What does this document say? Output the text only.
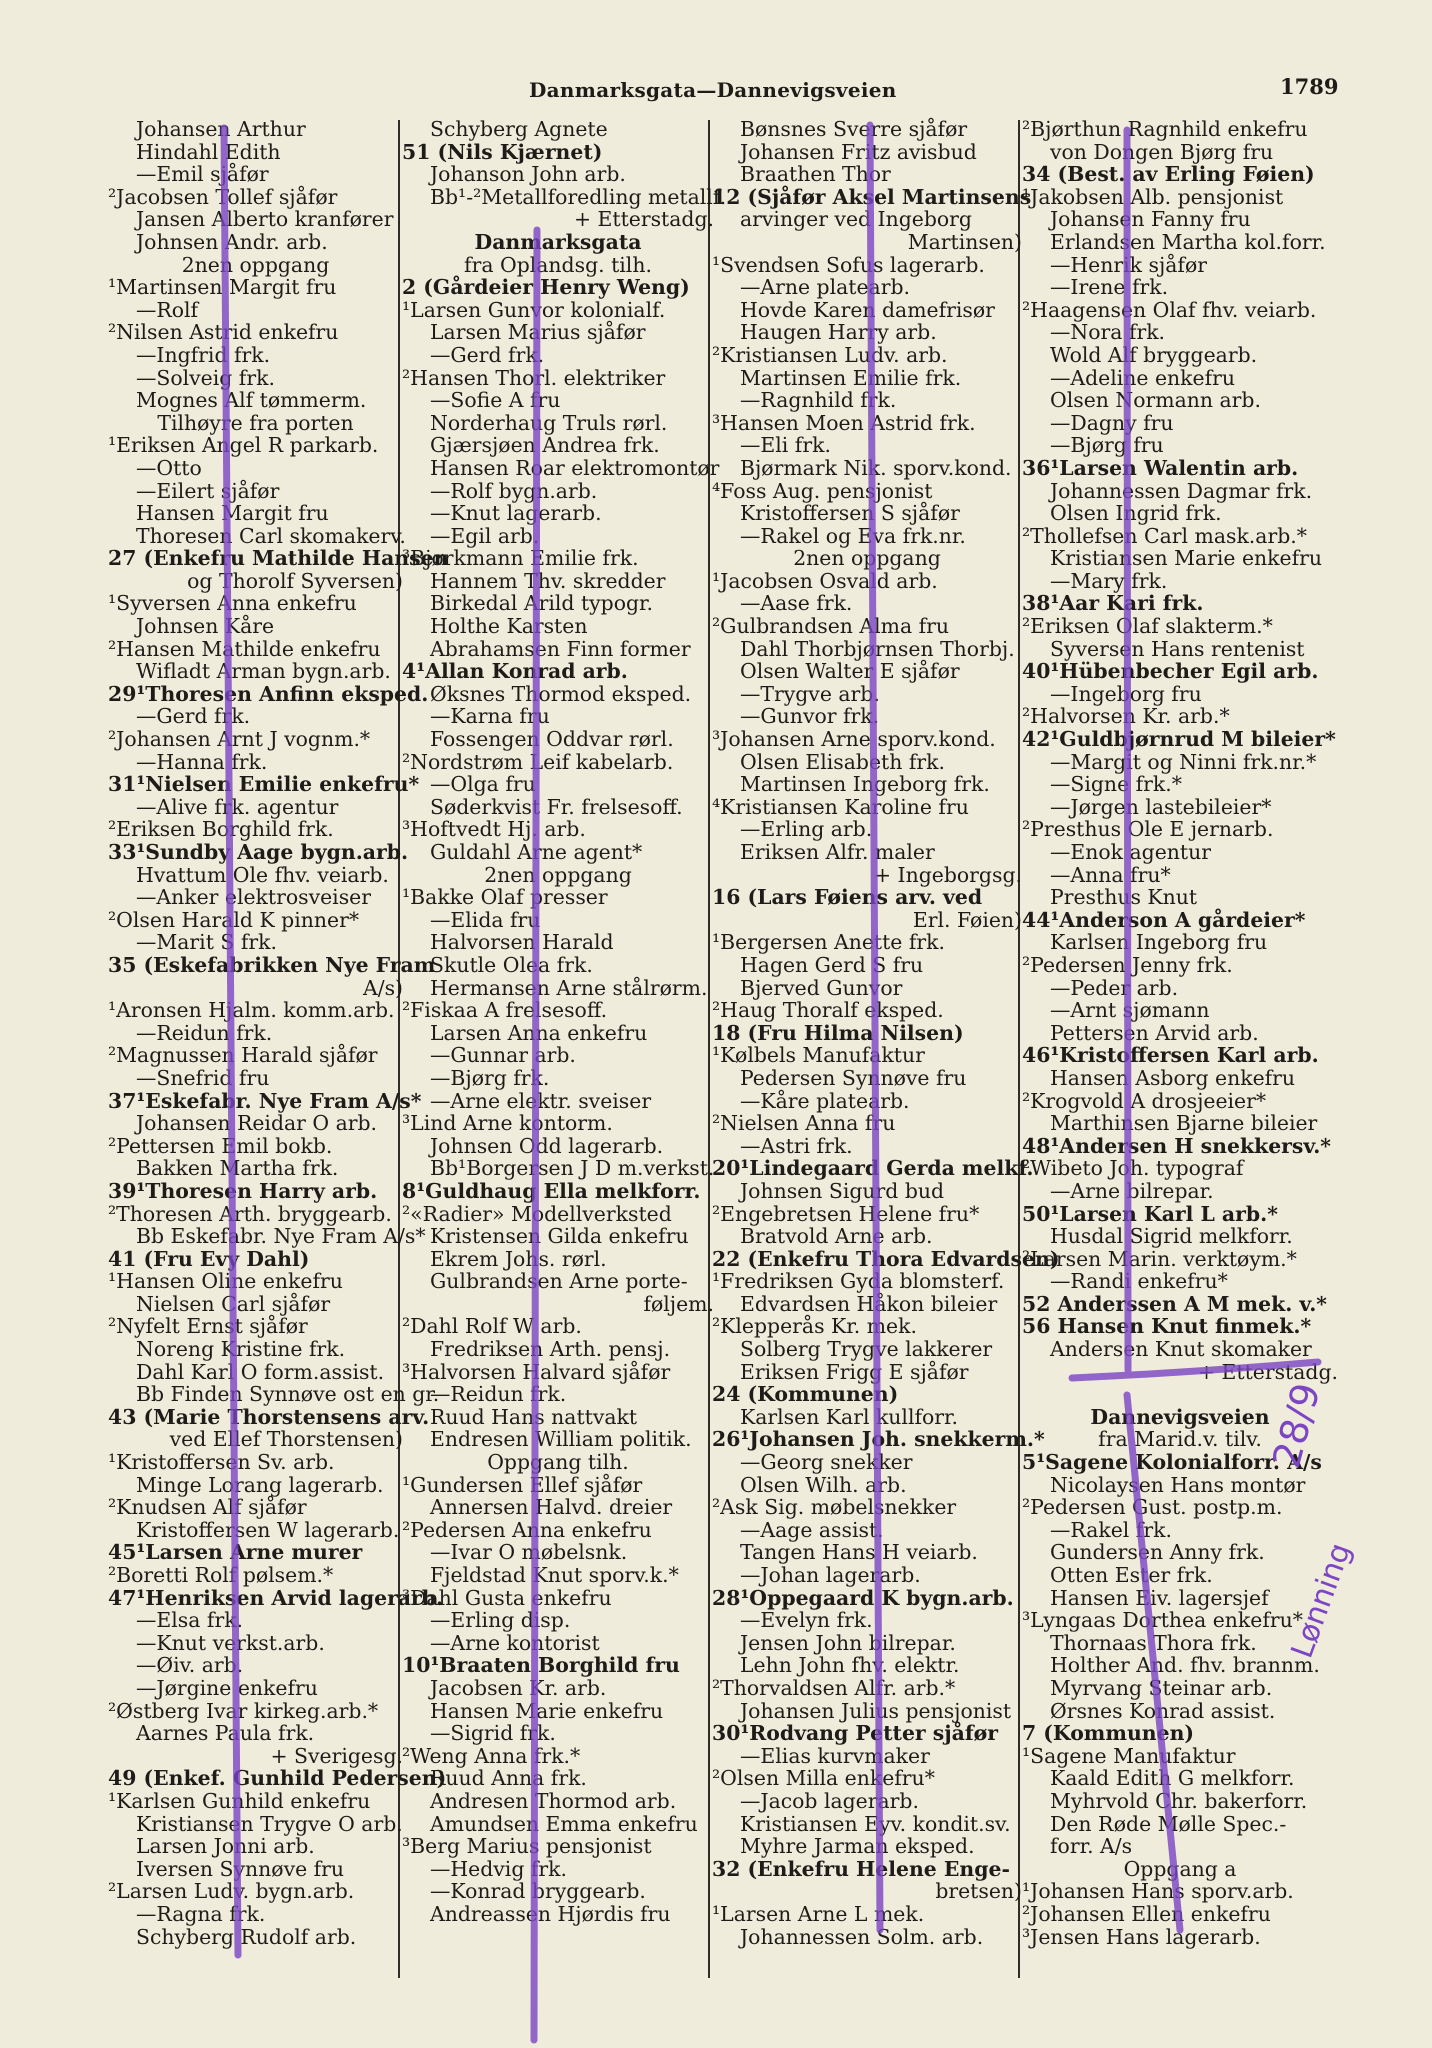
Danmarksgata—Dannevigsveien	1789
Johansen Arthur
Hindahl Edith
—Emil sjåfør
²Jacobsen Tollef sjåfør
Jansen Alberto kranfører
Johnsen Andr. arb.
2nen oppgang
¹Martinsen Margit fru
—Rolf
²Nilsen Astrid enkefru
—Ingfrid frk.
—Solveig frk.
Mognes Alf tømmerm.
Tilhøyre fra porten
¹Eriksen Angel R parkarb.
—Otto
—Eilert sjåfør
Hansen Margit fru
Thoresen Carl skomakerv.
27 (Enkefru Mathilde Hansen
og Thorolf Syversen)
¹Syversen Anna enkefru
Johnsen Kåre
²Hansen Mathilde enkefru
Wifladt Arman bygn.arb.
29¹Thoresen Anfinn eksped.
—Gerd frk.
²Johansen Arnt J vognm.*
—Hanna frk.
31¹Nielsen Emilie enkefru*
—Alive frk. agentur
²Eriksen Borghild frk.
33¹Sundby Aage bygn.arb.
Hvattum Ole fhv. veiarb.
—Anker elektrosveiser
²Olsen Harald K pinner*
—Marit S frk.
35 (Eskefabrikken Nye Fram
A/s)
¹Aronsen Hjalm. komm.arb.
—Reidun frk.
²Magnussen Harald sjåfør
—Snefrid fru
37¹Eskefabr. Nye Fram A/s*
Johansen Reidar O arb.
²Pettersen Emil bokb.
Bakken Martha frk.
39¹Thoresen Harry arb.
²Thoresen Arth. bryggearb.
Bb Eskefabr. Nye Fram A/s*
41 (Fru Evy Dahl)
¹Hansen Oline enkefru
Nielsen Carl sjåfør
²Nyfelt Ernst sjåfør
Noreng Kristine frk.
Dahl Karl O form.assist.
Bb Finden Synnøve ost en gr.
43 (Marie Thorstensens arv.
ved Ellef Thorstensen)
¹Kristoffersen Sv. arb.
Minge Lorang lagerarb.
²Knudsen Alf sjåfør
Kristoffersen W lagerarb.
45¹Larsen Arne murer
²Boretti Rolf pølsem.*
47¹Henriksen Arvid lagerarb.
—Elsa frk.
—Knut verkst.arb.
—Øiv. arb.
—Jørgine enkefru
²Østberg Ivar kirkeg.arb.*
Aarnes Paula frk.
+ Sverigesg.
49 (Enkef. Gunhild Pedersen)
¹Karlsen Gunhild enkefru
Kristiansen Trygve O arb.
Larsen Jonni arb.
Iversen Synnøve fru
²Larsen Ludv. bygn.arb.
—Ragna frk.
Schyberg Rudolf arb.
Schyberg Agnete
51 (Nils Kjærnet)
Johanson John arb.
Bb¹-²Metallforedling metallf.
+ Etterstadg.
Danmarksgata
fra Oplandsg. tilh.
2 (Gårdeier Henry Weng)
¹Larsen Gunvor kolonialf.
Larsen Marius sjåfør
—Gerd frk.
²Hansen Thorl. elektriker
—Sofie A fru
Norderhaug Truls rørl.
Gjærsjøen Andrea frk.
Hansen Roar elektromontør
—Rolf bygn.arb.
—Knut lagerarb.
—Egil arb.
³Bjørkmann Emilie frk.
Hannem Thv. skredder
Birkedal Arild typogr.
Holthe Karsten
Abrahamsen Finn former
4¹Allan Konrad arb.
Øksnes Thormod eksped.
—Karna fru
Fossengen Oddvar rørl.
²Nordstrøm Leif kabelarb.
—Olga fru
Søderkvist Fr. frelsesoff.
³Hoftvedt Hj. arb.
Guldahl Arne agent*
2nen oppgang
¹Bakke Olaf presser
—Elida fru
Halvorsen Harald
Skutle Olea frk.
Hermansen Arne stålrørm.
²Fiskaa A frelsesoff.
Larsen Anna enkefru
—Gunnar arb.
—Bjørg frk.
—Arne elektr. sveiser
³Lind Arne kontorm.
Johnsen Odd lagerarb.
Bb¹Borgersen J D m.verkst.
8¹Guldhaug Ella melkforr.
²«Radier» Modellverksted
Kristensen Gilda enkefru
Ekrem Johs. rørl.
Gulbrandsen Arne porte-
føljem.
²Dahl Rolf W arb.
Fredriksen Arth. pensj.
³Halvorsen Halvard sjåfør
—Reidun frk.
Ruud Hans nattvakt
Endresen William politik.
Oppgang tilh.
¹Gundersen Ellef sjåfør
Annersen Halvd. dreier
²Pedersen Anna enkefru
—Ivar O møbelsnk.
Fjeldstad Knut sporv.k.*
³Dahl Gusta enkefru
—Erling disp.
—Arne kontorist
10¹Braaten Borghild fru
Jacobsen Kr. arb.
Hansen Marie enkefru
—Sigrid frk.
²Weng Anna frk.*
Ruud Anna frk.
Andresen Thormod arb.
Amundsen Emma enkefru
³Berg Marius pensjonist
—Hedvig frk.
—Konrad bryggearb.
Andreassen Hjørdis fru
Bønsnes Sverre sjåfør
Johansen Fritz avisbud
Braathen Thor
12 (Sjåfør Aksel Martinsens
arvinger ved Ingeborg
Martinsen)
¹Svendsen Sofus lagerarb.
—Arne platearb.
Hovde Karen damefrisør
Haugen Harry arb.
²Kristiansen Ludv. arb.
Martinsen Emilie frk.
—Ragnhild frk.
³Hansen Moen Astrid frk.
—Eli frk.
Bjørmark Nik. sporv.kond.
⁴Foss Aug. pensjonist
Kristoffersen S sjåfør
—Rakel og Eva frk.nr.
2nen oppgang
¹Jacobsen Osvald arb.
—Aase frk.
²Gulbrandsen Alma fru
Dahl Thorbjørnsen Thorbj.
Olsen Walter E sjåfør
—Trygve arb.
—Gunvor frk.
³Johansen Arne sporv.kond.
Olsen Elisabeth frk.
Martinsen Ingeborg frk.
⁴Kristiansen Karoline fru
—Erling arb.
Eriksen Alfr. maler
+ Ingeborgsg.
16 (Lars Føiens arv. ved
Erl. Føien)
¹Bergersen Anette frk.
Hagen Gerd S fru
Bjerved Gunvor
²Haug Thoralf eksped.
18 (Fru Hilma Nilsen)
¹Kølbels Manufaktur
Pedersen Synnøve fru
—Kåre platearb.
²Nielsen Anna fru
—Astri frk.
20¹Lindegaard Gerda melkf.
Johnsen Sigurd bud
²Engebretsen Helene fru*
Bratvold Arne arb.
22 (Enkefru Thora Edvardsen)
¹Fredriksen Gyda blomsterf.
Edvardsen Håkon bileier
²Klepperås Kr. mek.
Solberg Trygve lakkerer
Eriksen Frigg E sjåfør
24 (Kommunen)
Karlsen Karl kullforr.
26¹Johansen Joh. snekkerm.*
—Georg snekker
Olsen Wilh. arb.
²Ask Sig. møbelsnekker
—Aage assist.
Tangen Hans H veiarb.
—Johan lagerarb.
28¹Oppegaard K bygn.arb.
—Evelyn frk.
Jensen John bilrepar.
Lehn John fhv. elektr.
²Thorvaldsen Alfr. arb.*
Johansen Julius pensjonist
30¹Rodvang Petter sjåfør
—Elias kurvmaker
²Olsen Milla enkefru*
—Jacob lagerarb.
Kristiansen Eyv. kondit.sv.
Myhre Jarman eksped.
32 (Enkefru Helene Enge-
bretsen)
¹Larsen Arne L mek.
Johannessen Solm. arb.
²Bjørthun Ragnhild enkefru
von Dongen Bjørg fru
34 (Best. av Erling Føien)
¹Jakobsen Alb. pensjonist
Johansen Fanny fru
Erlandsen Martha kol.forr.
—Henrik sjåfør
—Irene frk.
²Haagensen Olaf fhv. veiarb.
—Nora frk.
Wold Alf bryggearb.
—Adeline enkefru
Olsen Normann arb.
—Dagny fru
—Bjørg fru
36¹Larsen Walentin arb.
Johannessen Dagmar frk.
Olsen Ingrid frk.
²Thollefsen Carl mask.arb.*
Kristiansen Marie enkefru
—Mary frk.
38¹Aar Kari frk.
²Eriksen Olaf slakterm.*
Syversen Hans rentenist
40¹Hübenbecher Egil arb.
—Ingeborg fru
²Halvorsen Kr. arb.*
42¹Guldbjørnrud M bileier*
—Margit og Ninni frk.nr.*
—Signe frk.*
—Jørgen lastebileier*
²Presthus Ole E jernarb.
—Enok agentur
—Anna fru*
Presthus Knut
44¹Anderson A gårdeier*
Karlsen Ingeborg fru
²Pedersen Jenny frk.
—Peder arb.
—Arnt sjømann
Pettersen Arvid arb.
46¹Kristoffersen Karl arb.
Hansen Asborg enkefru
²Krogvold A drosjeeier*
Marthinsen Bjarne bileier
48¹Andersen H snekkersv.*
²Wibeto Joh. typograf
—Arne bilrepar.
50¹Larsen Karl L arb.*
Husdal Sigrid melkforr.
²Larsen Marin. verktøym.*
—Randi enkefru*
52 Anderssen A M mek. v.*
56 Hansen Knut finmek.*
Andersen Knut skomaker
+ Etterstadg.
Dannevigsveien
fra Marid.v. tilv.
5¹Sagene Kolonialforr. A/s
Nicolaysen Hans montør
²Pedersen Gust. postp.m.
—Rakel frk.
Gundersen Anny frk.
Otten Ester frk.
Hansen Eiv. lagersjef
³Lyngaas Dorthea enkefru*
Thornaas Thora frk.
Holther And. fhv. brannm.
Myrvang Steinar arb.
Ørsnes Konrad assist.
7 (Kommunen)
¹Sagene Manufaktur
Kaald Edith G melkforr.
Myhrvold Chr. bakerforr.
Den Røde Mølle Spec.-
forr. A/s
Oppgang a
¹Johansen Hans sporv.arb.
²Johansen Ellen enkefru
³Jensen Hans lagerarb.
28/9
Lønning
